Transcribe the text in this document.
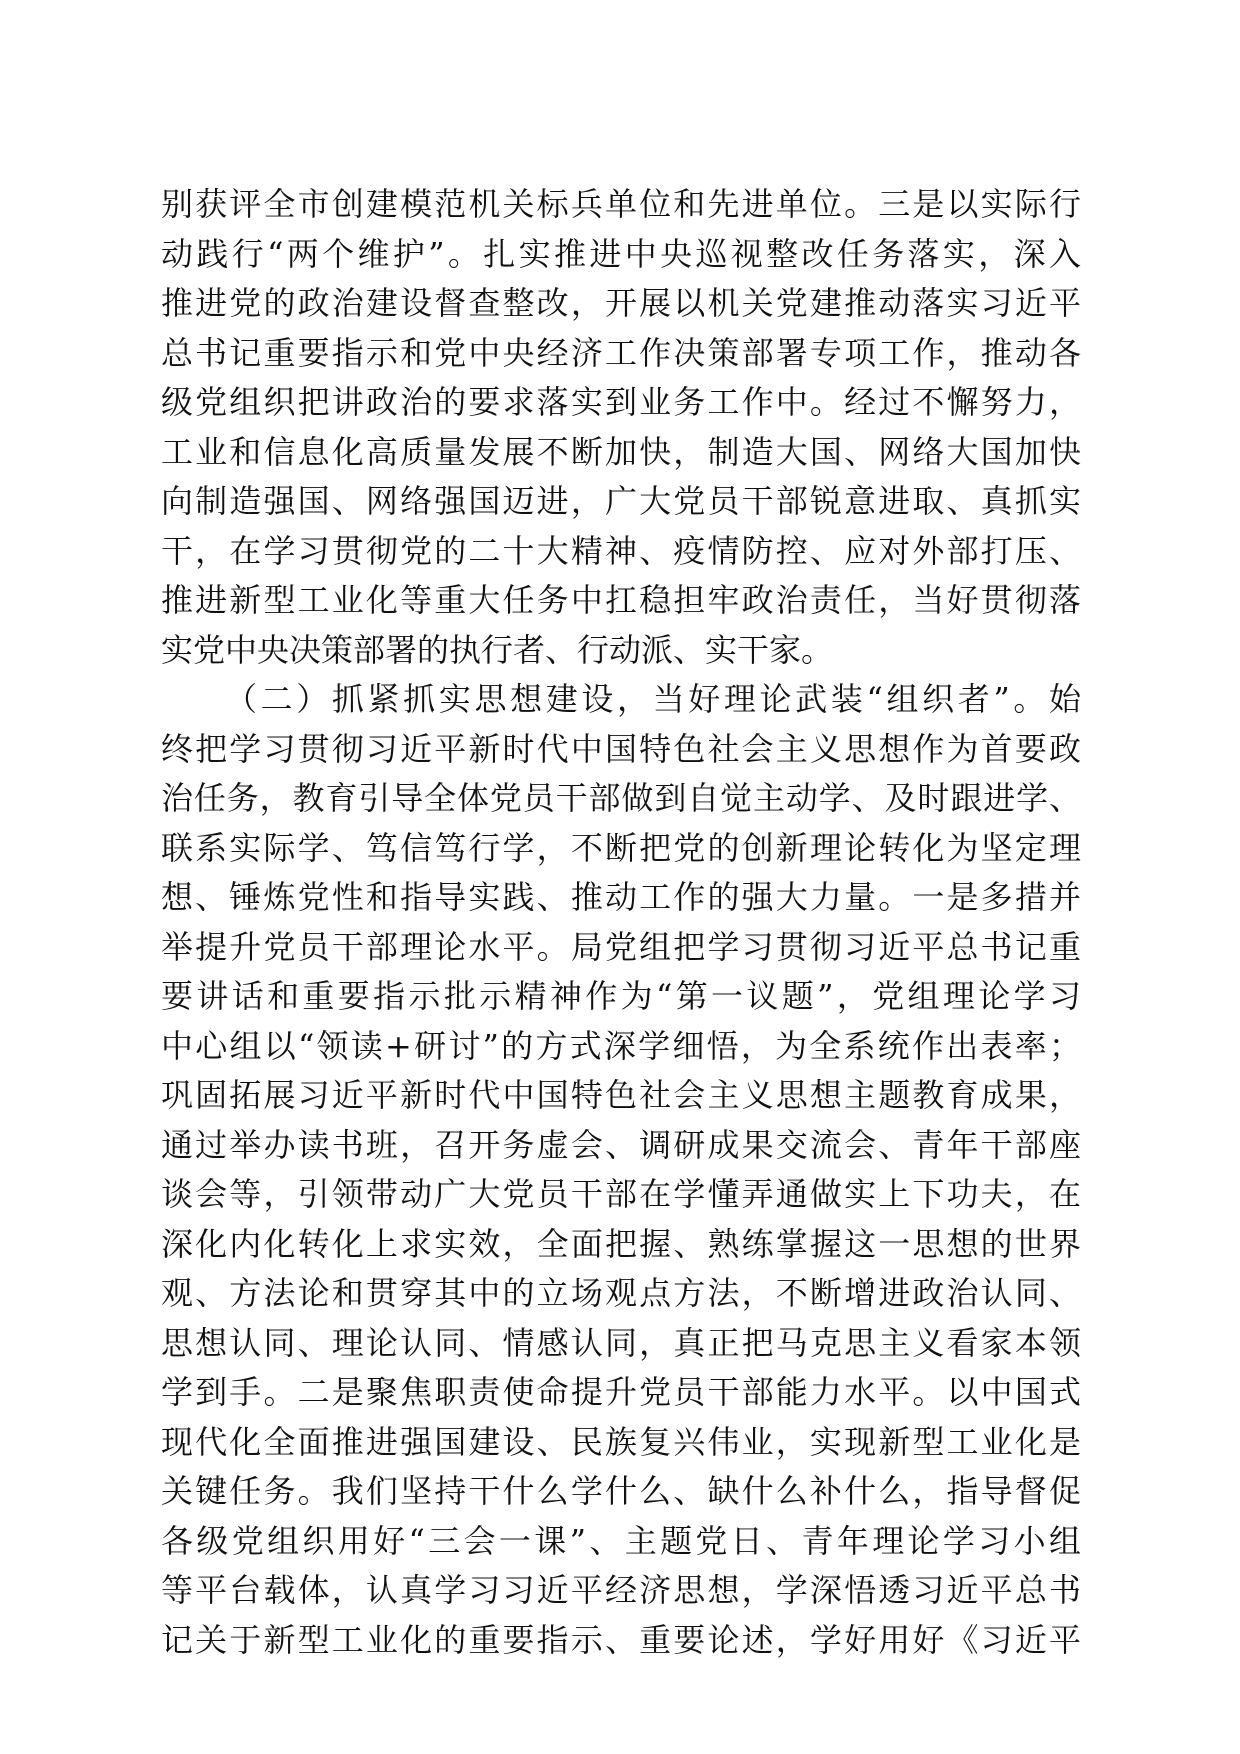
别获评全市创建模范机关标兵单位和先进单位。三是以实际行
动践行“两个维护”。扎实推进中央巡视整改任务落实，深入
推进党的政治建设督查整改，开展以机关党建推动落实习近平
总书记重要指示和党中央经济工作决策部署专项工作，推动各
级党组织把讲政治的要求落实到业务工作中。经过不懈努力，
工业和信息化高质量发展不断加快，制造大国、网络大国加快
向制造强国、网络强国迈进，广大党员干部锐意进取、真抓实
干，在学习贯彻党的二十大精神、疫情防控、应对外部打压、
推进新型工业化等重大任务中扛稳担牢政治责任，当好贯彻落
实党中央决策部署的执行者、行动派、实干家。
（二）抓紧抓实思想建设，当好理论武装“组织者”。始
终把学习贯彻习近平新时代中国特色社会主义思想作为首要政
治任务，教育引导全体党员干部做到自觉主动学、及时跟进学、
联系实际学、笃信笃行学，不断把党的创新理论转化为坚定理
想、锤炼党性和指导实践、推动工作的强大力量。一是多措并
举提升党员干部理论水平。局党组把学习贯彻习近平总书记重
要讲话和重要指示批示精神作为“第一议题”，党组理论学习
中心组以“领读+研讨”的方式深学细悟，为全系统作出表率；
巩固拓展习近平新时代中国特色社会主义思想主题教育成果，
通过举办读书班，召开务虚会、调研成果交流会、青年干部座
谈会等，引领带动广大党员干部在学懂弄通做实上下功夫，在
深化内化转化上求实效，全面把握、熟练掌握这一思想的世界
观、方法论和贯穿其中的立场观点方法，不断增进政治认同、
思想认同、理论认同、情感认同，真正把马克思主义看家本领
学到手。二是聚焦职责使命提升党员干部能力水平。以中国式
现代化全面推进强国建设、民族复兴伟业，实现新型工业化是
关键任务。我们坚持干什么学什么、缺什么补什么，指导督促
各级党组织用好“三会一课”、主题党日、青年理论学习小组
等平台载体，认真学习习近平经济思想，学深悟透习近平总书
记关于新型工业化的重要指示、重要论述，学好用好《习近平
